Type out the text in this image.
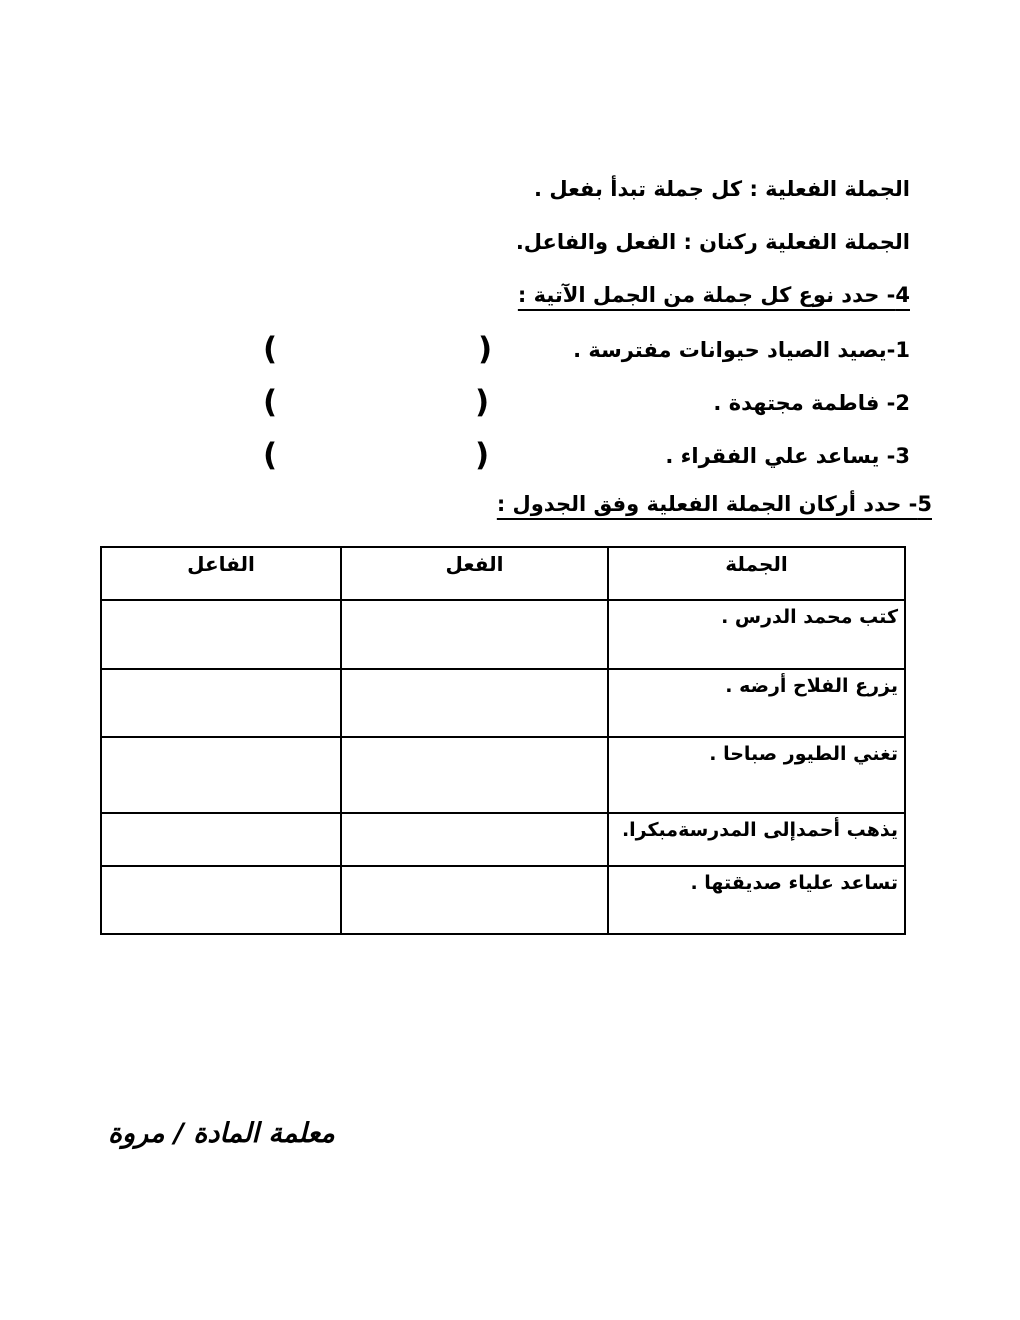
الجملة الفعلية : كل جملة تبدأ بفعل .

الجملة الفعلية ركنان : الفعل والفاعل.

4- حدد نوع كل جملة من الجمل الآتية :

1-يصيد الصياد حيوانات مفترسة .

)
(

2- فاطمة مجتهدة .

)
(

3- يساعد علي الفقراء .

)
(

5- حدد أركان الجملة الفعلية وفق الجدول :

الجملة	الفعل	الفاعل
كتب محمد الدرس .		
يزرع الفلاح أرضه .		
تغني الطيور صباحا .		
يذهب أحمدإلى المدرسةمبكرا.		
تساعد علياء صديقتها .		
معلمة المادة / مروة
